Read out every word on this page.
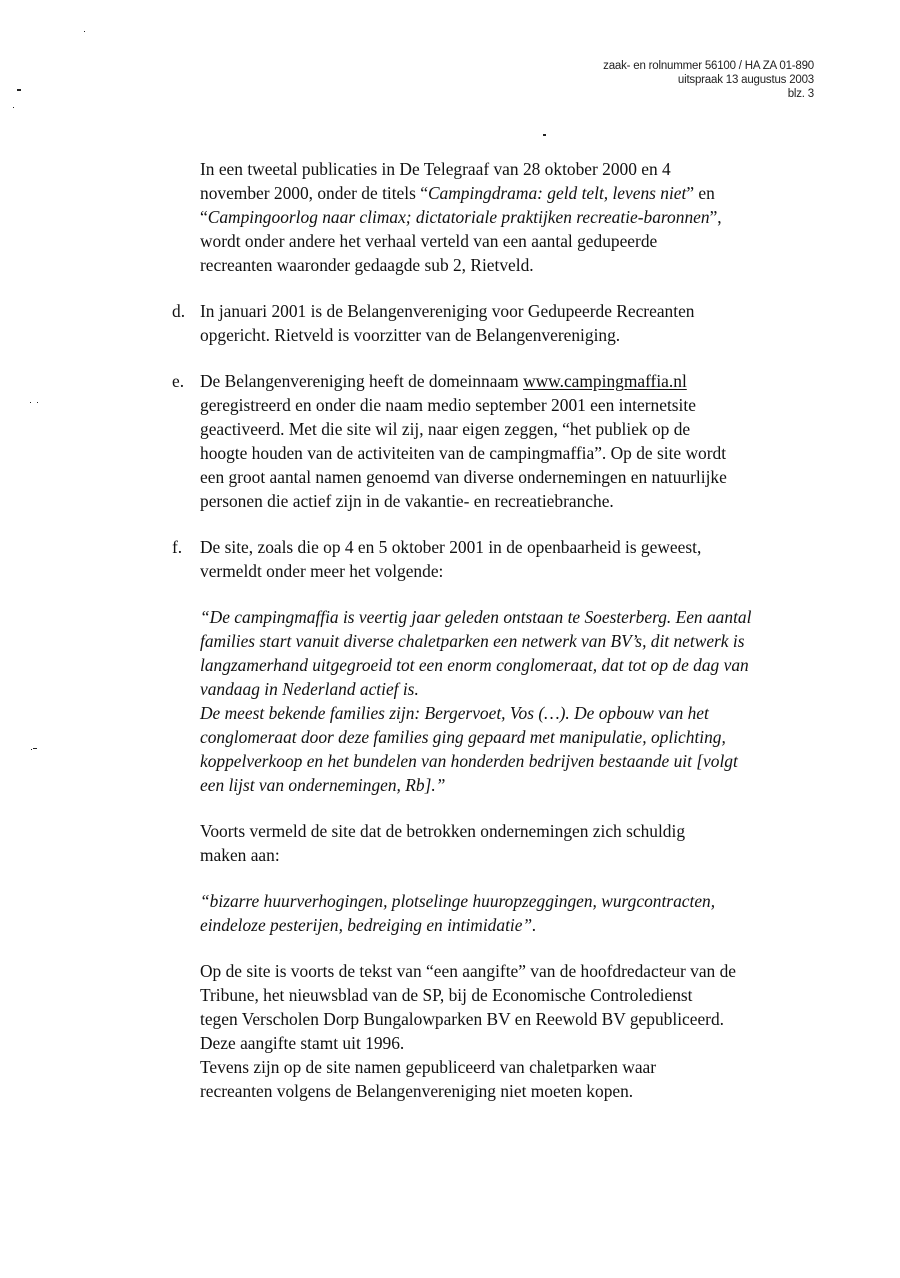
zaak- en rolnummer 56100 / HA ZA 01-890
uitspraak 13 augustus 2003
blz. 3
In een tweetal publicaties in De Telegraaf van 28 oktober 2000 en 4
november 2000, onder de titels “Campingdrama: geld telt, levens niet” en
“Campingoorlog naar climax; dictatoriale praktijken recreatie-baronnen”,
wordt onder andere het verhaal verteld van een aantal gedupeerde
recreanten waaronder gedaagde sub 2, Rietveld.
d. In januari 2001 is de Belangenvereniging voor Gedupeerde Recreanten
opgericht. Rietveld is voorzitter van de Belangenvereniging.
e. De Belangenvereniging heeft de domeinnaam www.campingmaffia.nl
geregistreerd en onder die naam medio september 2001 een internetsite
geactiveerd. Met die site wil zij, naar eigen zeggen, “het publiek op de
hoogte houden van de activiteiten van de campingmaffia”. Op de site wordt
een groot aantal namen genoemd van diverse ondernemingen en natuurlijke
personen die actief zijn in de vakantie- en recreatiebranche.
f. De site, zoals die op 4 en 5 oktober 2001 in de openbaarheid is geweest,
vermeldt onder meer het volgende:
“De campingmaffia is veertig jaar geleden ontstaan te Soesterberg. Een aantal
families start vanuit diverse chaletparken een netwerk van BV’s, dit netwerk is
langzamerhand uitgegroeid tot een enorm conglomeraat, dat tot op de dag van
vandaag in Nederland actief is.
De meest bekende families zijn: Bergervoet, Vos (…). De opbouw van het
conglomeraat door deze families ging gepaard met manipulatie, oplichting,
koppelverkoop en het bundelen van honderden bedrijven bestaande uit [volgt
een lijst van ondernemingen, Rb].”
Voorts vermeld de site dat de betrokken ondernemingen zich schuldig
maken aan:
“bizarre huurverhogingen, plotselinge huuropzeggingen, wurgcontracten,
eindeloze pesterijen, bedreiging en intimidatie”.
Op de site is voorts de tekst van “een aangifte” van de hoofdredacteur van de
Tribune, het nieuwsblad van de SP, bij de Economische Controledienst
tegen Verscholen Dorp Bungalowparken BV en Reewold BV gepubliceerd.
Deze aangifte stamt uit 1996.
Tevens zijn op de site namen gepubliceerd van chaletparken waar
recreanten volgens de Belangenvereniging niet moeten kopen.
